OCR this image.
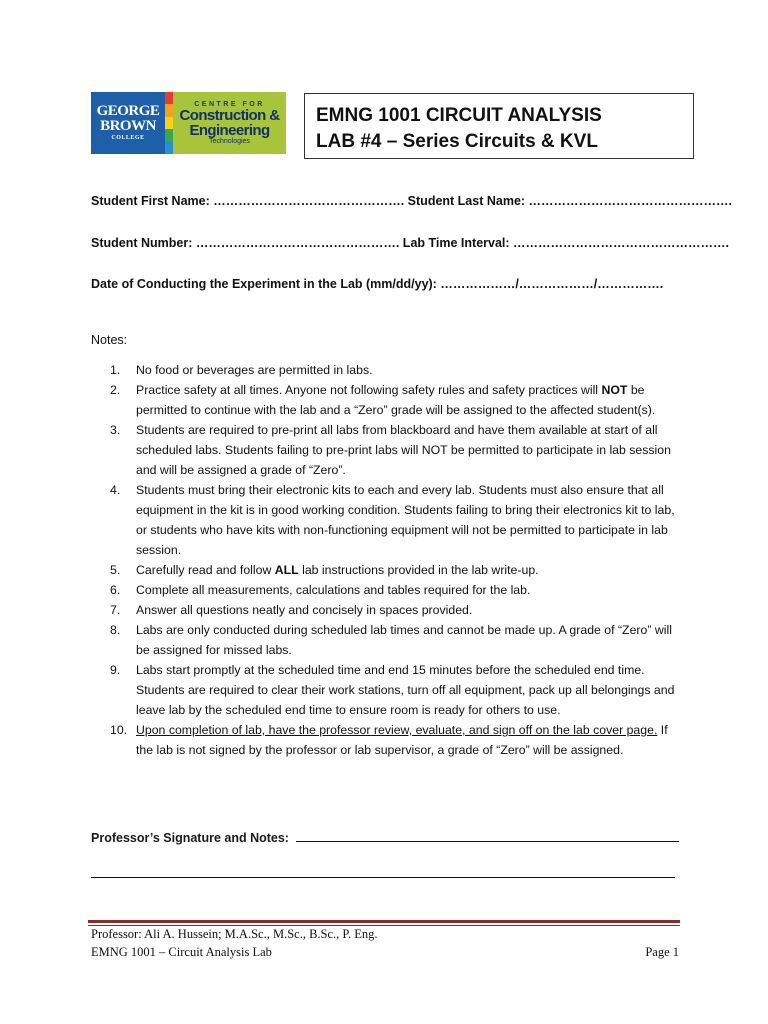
GEORGE
BROWN
COLLEGE
CENTRE FOR
Construction &
Engineering
Technologies
EMNG 1001 CIRCUIT ANALYSIS
LAB #4 – Series Circuits & KVL
Student First Name: ………………………………………. Student Last Name: ………………………………………….
Student Number: …………………………………………. Lab Time Interval: …………………………………………….
Date of Conducting the Experiment in the Lab (mm/dd/yy): ………………/………………/…………….
Notes:
1.	No food or beverages are permitted in labs.
2.	Practice safety at all times. Anyone not following safety rules and safety practices will NOT be permitted to continue with the lab and a “Zero” grade will be assigned to the affected student(s).
3.	Students are required to pre-print all labs from blackboard and have them available at start of all scheduled labs. Students failing to pre-print labs will NOT be permitted to participate in lab session and will be assigned a grade of “Zero”.
4.	Students must bring their electronic kits to each and every lab. Students must also ensure that all equipment in the kit is in good working condition. Students failing to bring their electronics kit to lab, or students who have kits with non-functioning equipment will not be permitted to participate in lab session.
5.	Carefully read and follow ALL lab instructions provided in the lab write-up.
6.	Complete all measurements, calculations and tables required for the lab.
7.	Answer all questions neatly and concisely in spaces provided.
8.	Labs are only conducted during scheduled lab times and cannot be made up. A grade of “Zero” will be assigned for missed labs.
9.	Labs start promptly at the scheduled time and end 15 minutes before the scheduled end time. Students are required to clear their work stations, turn off all equipment, pack up all belongings and leave lab by the scheduled end time to ensure room is ready for others to use.
10. Upon completion of lab, have the professor review, evaluate, and sign off on the lab cover page. If the lab is not signed by the professor or lab supervisor, a grade of “Zero” will be assigned.
Professor’s Signature and Notes:
Professor: Ali A. Hussein; M.A.Sc., M.Sc., B.Sc., P. Eng.
EMNG 1001 – Circuit Analysis Lab	Page 1
